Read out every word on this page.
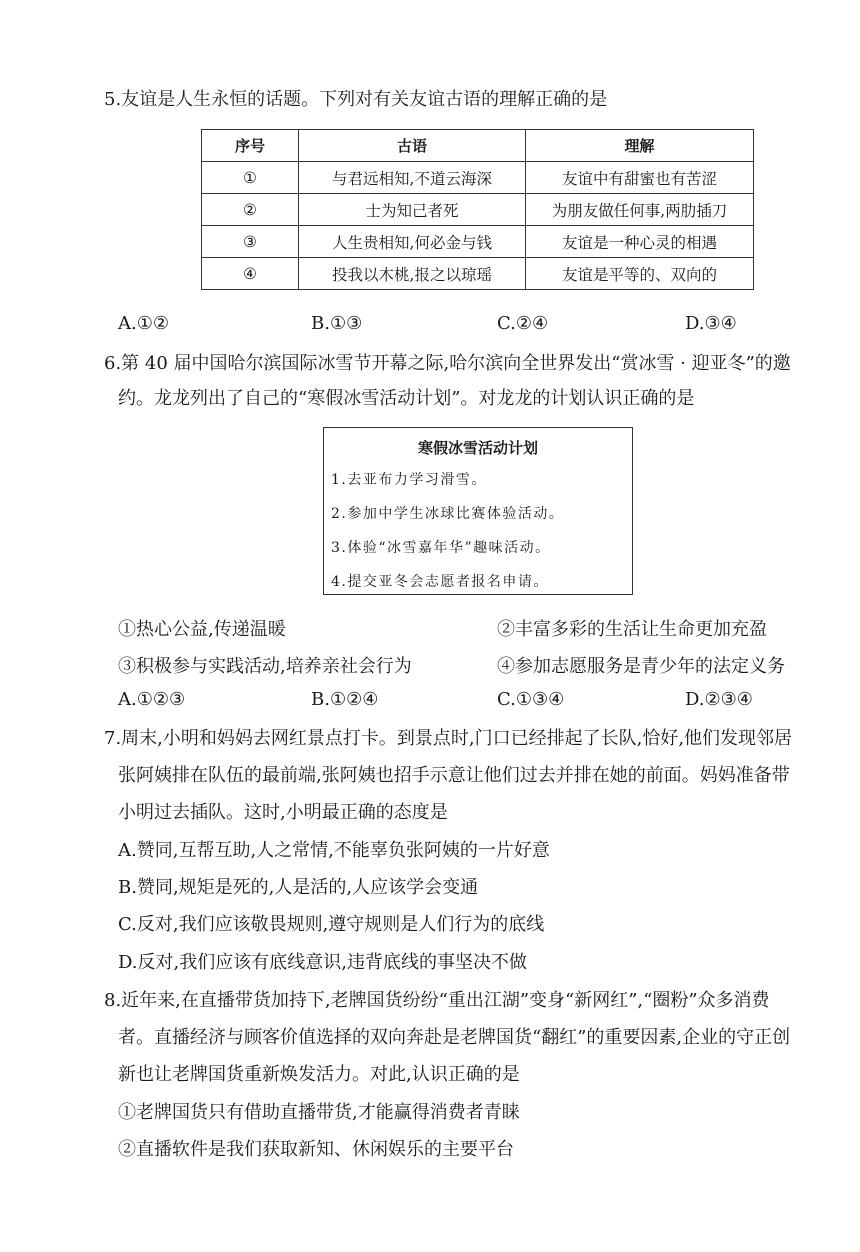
5.友谊是人生永恒的话题。下列对有关友谊古语的理解正确的是
序号	古语	理解
①	与君远相知,不道云海深	友谊中有甜蜜也有苦涩
②	士为知己者死	为朋友做任何事,两肋插刀
③	人生贵相知,何必金与钱	友谊是一种心灵的相遇
④	投我以木桃,报之以琼瑶	友谊是平等的、双向的
A.①②	B.①③	C.②④	D.③④
6.第 40 届中国哈尔滨国际冰雪节开幕之际,哈尔滨向全世界发出“赏冰雪 · 迎亚冬”的邀
约。龙龙列出了自己的“寒假冰雪活动计划”。对龙龙的计划认识正确的是
寒假冰雪活动计划
1.去亚布力学习滑雪。
2.参加中学生冰球比赛体验活动。
3.体验“冰雪嘉年华”趣味活动。
4.提交亚冬会志愿者报名申请。
①热心公益,传递温暖	②丰富多彩的生活让生命更加充盈
③积极参与实践活动,培养亲社会行为	④参加志愿服务是青少年的法定义务
A.①②③	B.①②④	C.①③④	D.②③④
7.周末,小明和妈妈去网红景点打卡。到景点时,门口已经排起了长队,恰好,他们发现邻居
张阿姨排在队伍的最前端,张阿姨也招手示意让他们过去并排在她的前面。妈妈准备带
小明过去插队。这时,小明最正确的态度是
A.赞同,互帮互助,人之常情,不能辜负张阿姨的一片好意
B.赞同,规矩是死的,人是活的,人应该学会变通
C.反对,我们应该敬畏规则,遵守规则是人们行为的底线
D.反对,我们应该有底线意识,违背底线的事坚决不做
8.近年来,在直播带货加持下,老牌国货纷纷“重出江湖”变身“新网红”,“圈粉”众多消费
者。直播经济与顾客价值选择的双向奔赴是老牌国货“翻红”的重要因素,企业的守正创
新也让老牌国货重新焕发活力。对此,认识正确的是
①老牌国货只有借助直播带货,才能赢得消费者青睐
②直播软件是我们获取新知、休闲娱乐的主要平台
